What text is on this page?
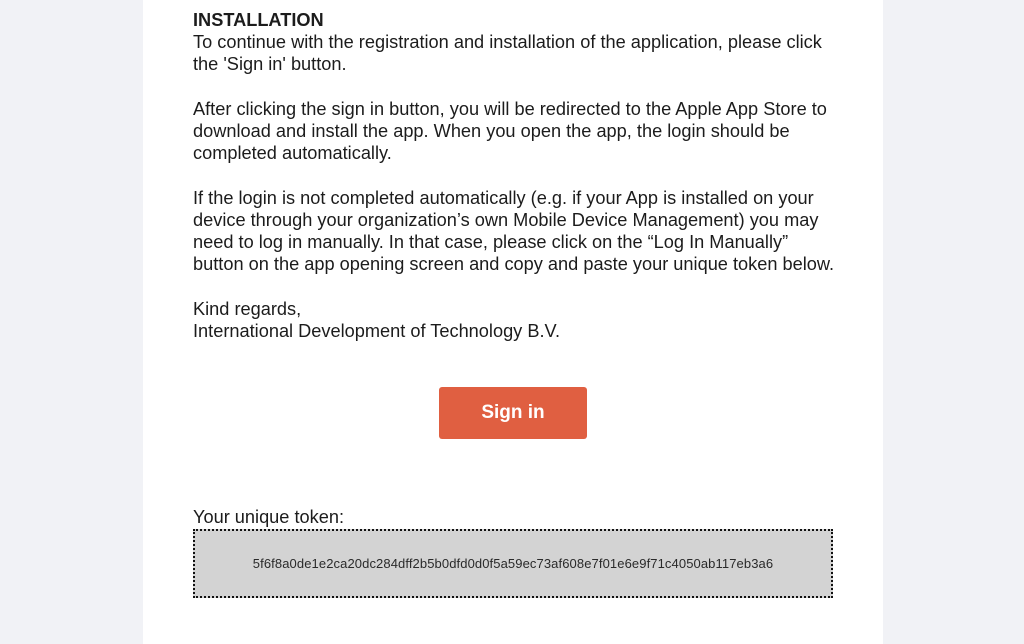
INSTALLATION
To continue with the registration and installation of the application, please click the 'Sign in' button.
After clicking the sign in button, you will be redirected to the Apple App Store to download and install the app. When you open the app, the login should be completed automatically.
If the login is not completed automatically (e.g. if your App is installed on your device through your organization’s own Mobile Device Management) you may need to log in manually. In that case, please click on the “Log In Manually” button on the app opening screen and copy and paste your unique token below.
Kind regards,
International Development of Technology B.V.
Sign in
Your unique token:
5f6f8a0de1e2ca20dc284dff2b5b0dfd0d0f5a59ec73af608e7f01e6e9f71c4050ab117eb3a6
